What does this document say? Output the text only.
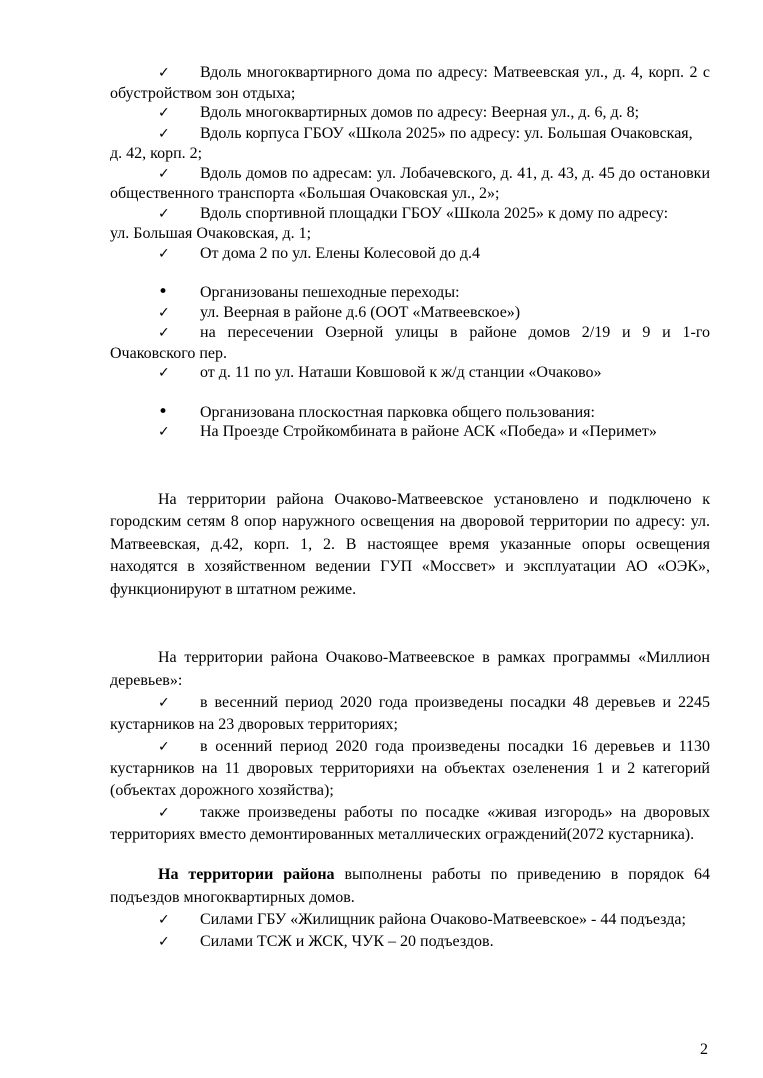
✓ Вдоль многоквартирного дома по адресу: Матвеевская ул., д. 4, корп. 2 с обустройством зон отдыха;

✓ Вдоль многоквартирных домов по адресу: Веерная ул., д. 6, д. 8;

✓ Вдоль корпуса ГБОУ «Школа 2025» по адресу: ул. Большая Очаковская,

д. 42, корп. 2;

✓ Вдоль домов по адресам: ул. Лобачевского, д. 41, д. 43, д. 45 до остановки общественного транспорта «Большая Очаковская ул., 2»;

✓ Вдоль спортивной площадки ГБОУ «Школа 2025» к дому по адресу:

ул. Большая Очаковская, д. 1;

✓ От дома 2 по ул. Елены Колесовой до д.4

• Организованы пешеходные переходы:

✓ ул. Веерная в районе д.6 (ООТ «Матвеевское»)

✓ на пересечении Озерной улицы в районе домов 2/19 и 9 и 1-го Очаковского пер.

✓ от д. 11 по ул. Наташи Ковшовой к ж/д станции «Очаково»

• Организована плоскостная парковка общего пользования:

✓ На Проезде Стройкомбината в районе АСК «Победа» и «Перимет»

На территории района Очаково-Матвеевское установлено и подключено к городским сетям 8 опор наружного освещения на дворовой территории по адресу: ул. Матвеевская, д.42, корп. 1, 2. В настоящее время указанные опоры освещения находятся в хозяйственном ведении ГУП «Моссвет» и эксплуатации АО «ОЭК», функционируют в штатном режиме.

На территории района Очаково-Матвеевское в рамках программы «Миллион деревьев»:

✓ в весенний период 2020 года произведены посадки 48 деревьев и 2245 кустарников на 23 дворовых территориях;

✓ в осенний период 2020 года произведены посадки 16 деревьев и 1130 кустарников на 11 дворовых территорияхи на объектах озеленения 1 и 2 категорий (объектах дорожного хозяйства);

✓ также произведены работы по посадке «живая изгородь» на дворовых территориях вместо демонтированных металлических ограждений(2072 кустарника).

На территории района выполнены работы по приведению в порядок 64 подъездов многоквартирных домов.

✓ Силами ГБУ «Жилищник района Очаково-Матвеевское» - 44 подъезда;

✓ Силами ТСЖ и ЖСК, ЧУК – 20 подъездов.

2
